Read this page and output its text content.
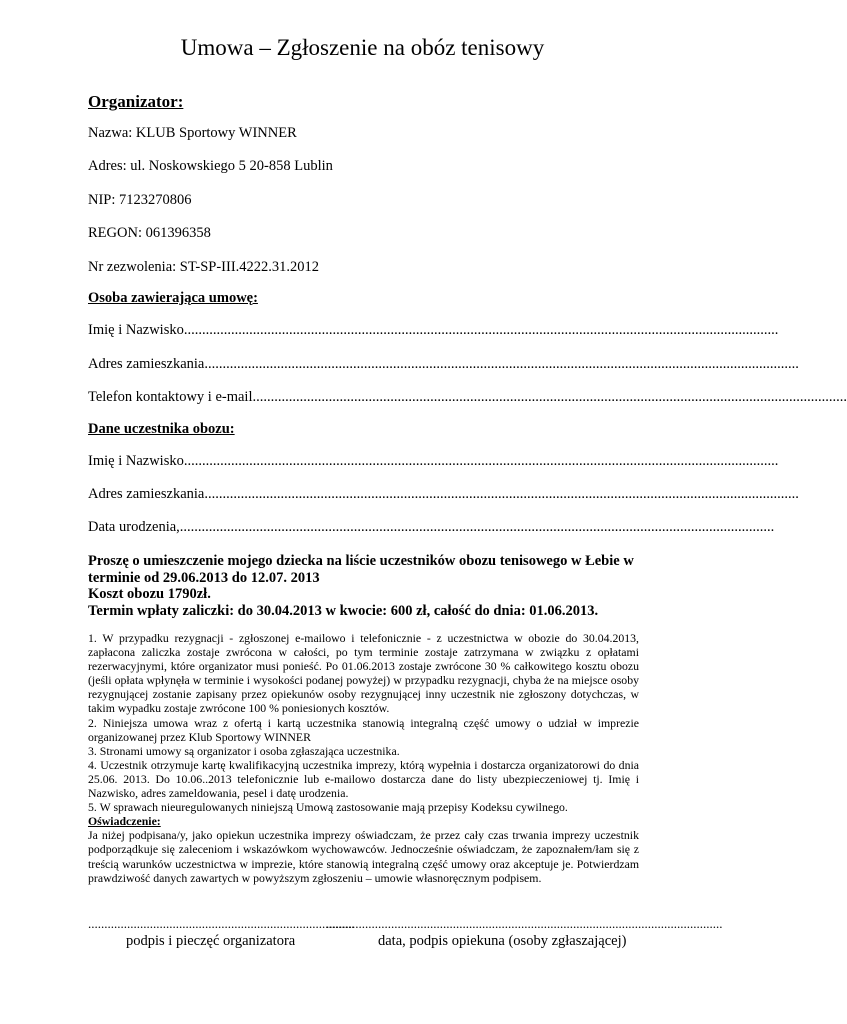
Umowa – Zgłoszenie na obóz tenisowy
Organizator:
Nazwa: KLUB Sportowy WINNER
Adres: ul. Noskowskiego 5 20-858 Lublin
NIP: 7123270806
REGON: 061396358
Nr zezwolenia: ST-SP-III.4222.31.2012
Osoba zawierająca umowę:
Imię i Nazwisko ....................................................................................................................................................................
Adres zamieszkania ....................................................................................................................................................................
Telefon kontaktowy i e-mail ....................................................................................................................................................................
Dane uczestnika obozu:
Imię i Nazwisko ....................................................................................................................................................................
Adres zamieszkania ....................................................................................................................................................................
Data urodzenia, ....................................................................................................................................................................
Proszę o umieszczenie mojego dziecka na liście uczestników obozu tenisowego w Łebie w
terminie od 29.06.2013 do 12.07. 2013
Koszt obozu 1790zł.
Termin wpłaty zaliczki: do 30.04.2013 w kwocie: 600 zł, całość do dnia: 01.06.2013.

1. W przypadku rezygnacji - zgłoszonej e-mailowo i telefonicznie - z uczestnictwa w obozie do 30.04.2013, zapłacona zaliczka zostaje zwrócona w całości, po tym terminie zostaje zatrzymana w związku z opłatami rezerwacyjnymi, które organizator musi ponieść. Po 01.06.2013 zostaje zwrócone 30 % całkowitego kosztu obozu (jeśli opłata wpłynęła w terminie i wysokości podanej powyżej) w przypadku rezygnacji, chyba że na miejsce osoby rezygnującej zostanie zapisany przez opiekunów osoby rezygnującej inny uczestnik nie zgłoszony dotychczas, w takim wypadku zostaje zwrócone 100 % poniesionych kosztów.

2. Niniejsza umowa wraz z ofertą i kartą uczestnika stanowią integralną część umowy o udział w imprezie organizowanej przez Klub Sportowy WINNER

3. Stronami umowy są organizator i osoba zgłaszająca uczestnika.

4. Uczestnik otrzymuje kartę kwalifikacyjną uczestnika imprezy, którą wypełnia i dostarcza organizatorowi do dnia 25.06. 2013. Do 10.06..2013 telefonicznie lub e-mailowo dostarcza dane do listy ubezpieczeniowej tj. Imię i Nazwisko, adres zameldowania, pesel i datę urodzenia.

5. W sprawach nieuregulowanych niniejszą Umową zastosowanie mają przepisy Kodeksu cywilnego.

Oświadczenie:

Ja niżej podpisana/y, jako opiekun uczestnika imprezy oświadczam, że przez cały czas trwania imprezy uczestnik podporządkuje się zaleceniom i wskazówkom wychowawców. Jednocześnie oświadczam, że zapoznałem/łam się z treścią warunków uczestnictwa w imprezie, które stanowią integralną część umowy oraz akceptuje je. Potwierdzam prawdziwość danych zawartych w powyższym zgłoszeniu – umowie własnoręcznym podpisem.

..................................................................................
..........................................................................................................................
podpis i pieczęć organizatora	data, podpis opiekuna (osoby zgłaszającej)
